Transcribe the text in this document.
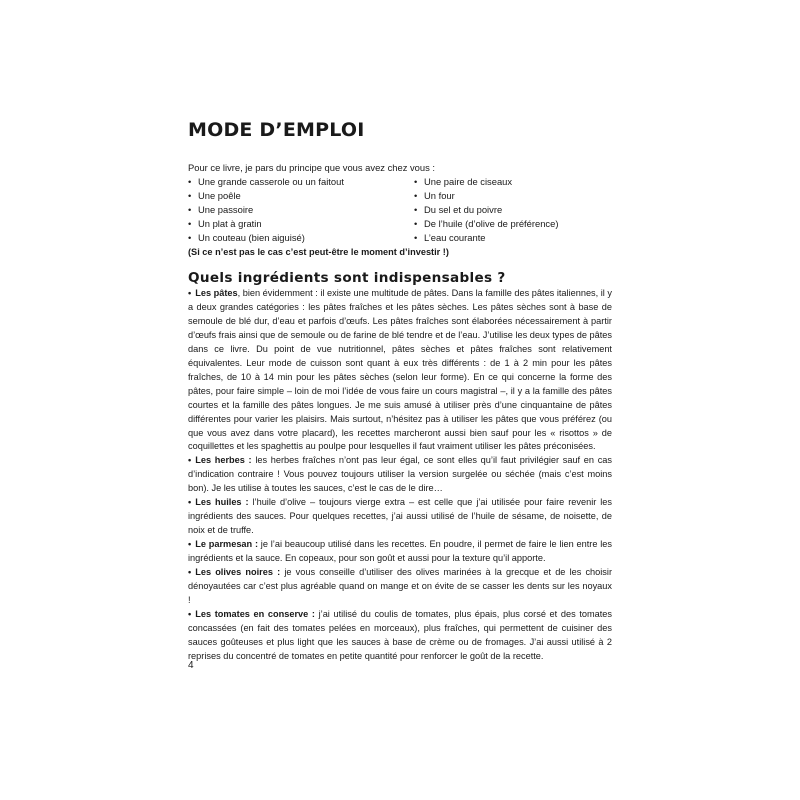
MODE D’EMPLOI

Pour ce livre, je pars du principe que vous avez chez vous :

• Une grande casserole ou un faitout
• Une poêle
• Une passoire
• Un plat à gratin
• Un couteau (bien aiguisé)
• Une paire de ciseaux
• Un four
• Du sel et du poivre
• De l’huile (d’olive de préférence)
• L’eau courante

(Si ce n’est pas le cas c’est peut-être le moment d’investir !)

Quels ingrédients sont indispensables ?

• Les pâtes, bien évidemment : il existe une multitude de pâtes. Dans la famille des pâtes italiennes, il y a deux grandes catégories : les pâtes fraîches et les pâtes sèches. Les pâtes sèches sont à base de semoule de blé dur, d’eau et parfois d’œufs. Les pâtes fraîches sont élaborées nécessairement à partir d’œufs frais ainsi que de semoule ou de farine de blé tendre et de l’eau. J’utilise les deux types de pâtes dans ce livre. Du point de vue nutritionnel, pâtes sèches et pâtes fraîches sont relativement équivalentes. Leur mode de cuisson sont quant à eux très différents : de 1 à 2 min pour les pâtes fraîches, de 10 à 14 min pour les pâtes sèches (selon leur forme). En ce qui concerne la forme des pâtes, pour faire simple – loin de moi l’idée de vous faire un cours magistral –, il y a la famille des pâtes courtes et la famille des pâtes longues. Je me suis amusé à utiliser près d’une cinquantaine de pâtes différentes pour varier les plaisirs. Mais surtout, n’hésitez pas à utiliser les pâtes que vous préférez (ou que vous avez dans votre placard), les recettes marcheront aussi bien sauf pour les « risottos » de coquillettes et les spaghettis au poulpe pour lesquelles il faut vraiment utiliser les pâtes préconisées.

• Les herbes : les herbes fraîches n’ont pas leur égal, ce sont elles qu’il faut privilégier sauf en cas d’indication contraire ! Vous pouvez toujours utiliser la version surgelée ou séchée (mais c’est moins bon). Je les utilise à toutes les sauces, c’est le cas de le dire…

• Les huiles : l’huile d’olive – toujours vierge extra – est celle que j’ai utilisée pour faire revenir les ingrédients des sauces. Pour quelques recettes, j’ai aussi utilisé de l’huile de sésame, de noisette, de noix et de truffe.

• Le parmesan : je l’ai beaucoup utilisé dans les recettes. En poudre, il permet de faire le lien entre les ingrédients et la sauce. En copeaux, pour son goût et aussi pour la texture qu’il apporte.

• Les olives noires : je vous conseille d’utiliser des olives marinées à la grecque et de les choisir dénoyautées car c’est plus agréable quand on mange et on évite de se casser les dents sur les noyaux !

• Les tomates en conserve : j’ai utilisé du coulis de tomates, plus épais, plus corsé et des tomates concassées (en fait des tomates pelées en morceaux), plus fraîches, qui permettent de cuisiner des sauces goûteuses et plus light que les sauces à base de crème ou de fromages. J’ai aussi utilisé à 2 reprises du concentré de tomates en petite quantité pour renforcer le goût de la recette.

4
